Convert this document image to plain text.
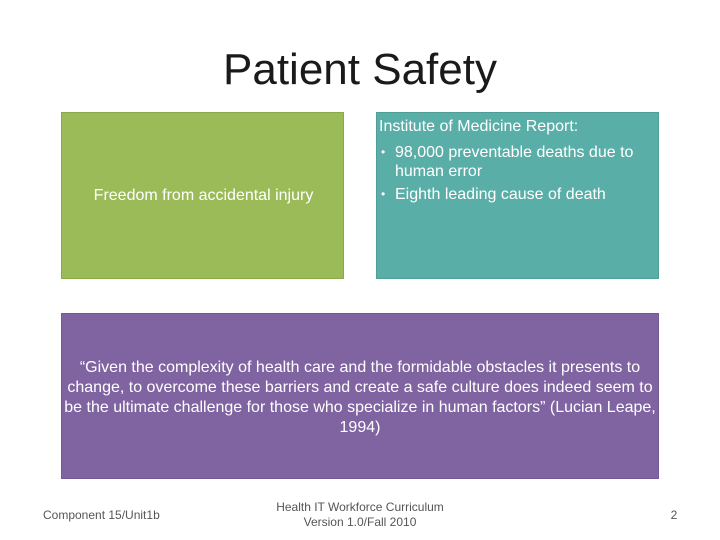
Patient Safety
Freedom from accidental injury
Institute of Medicine Report:
• 98,000 preventable deaths due to human error
• Eighth leading cause of death
“Given the complexity of health care and the formidable obstacles it presents to change, to overcome these barriers and create a safe culture does indeed seem to be the ultimate challenge for those who specialize in human factors” (Lucian Leape, 1994)
Component 15/Unit1b
Health IT Workforce Curriculum
Version 1.0/Fall 2010	2
